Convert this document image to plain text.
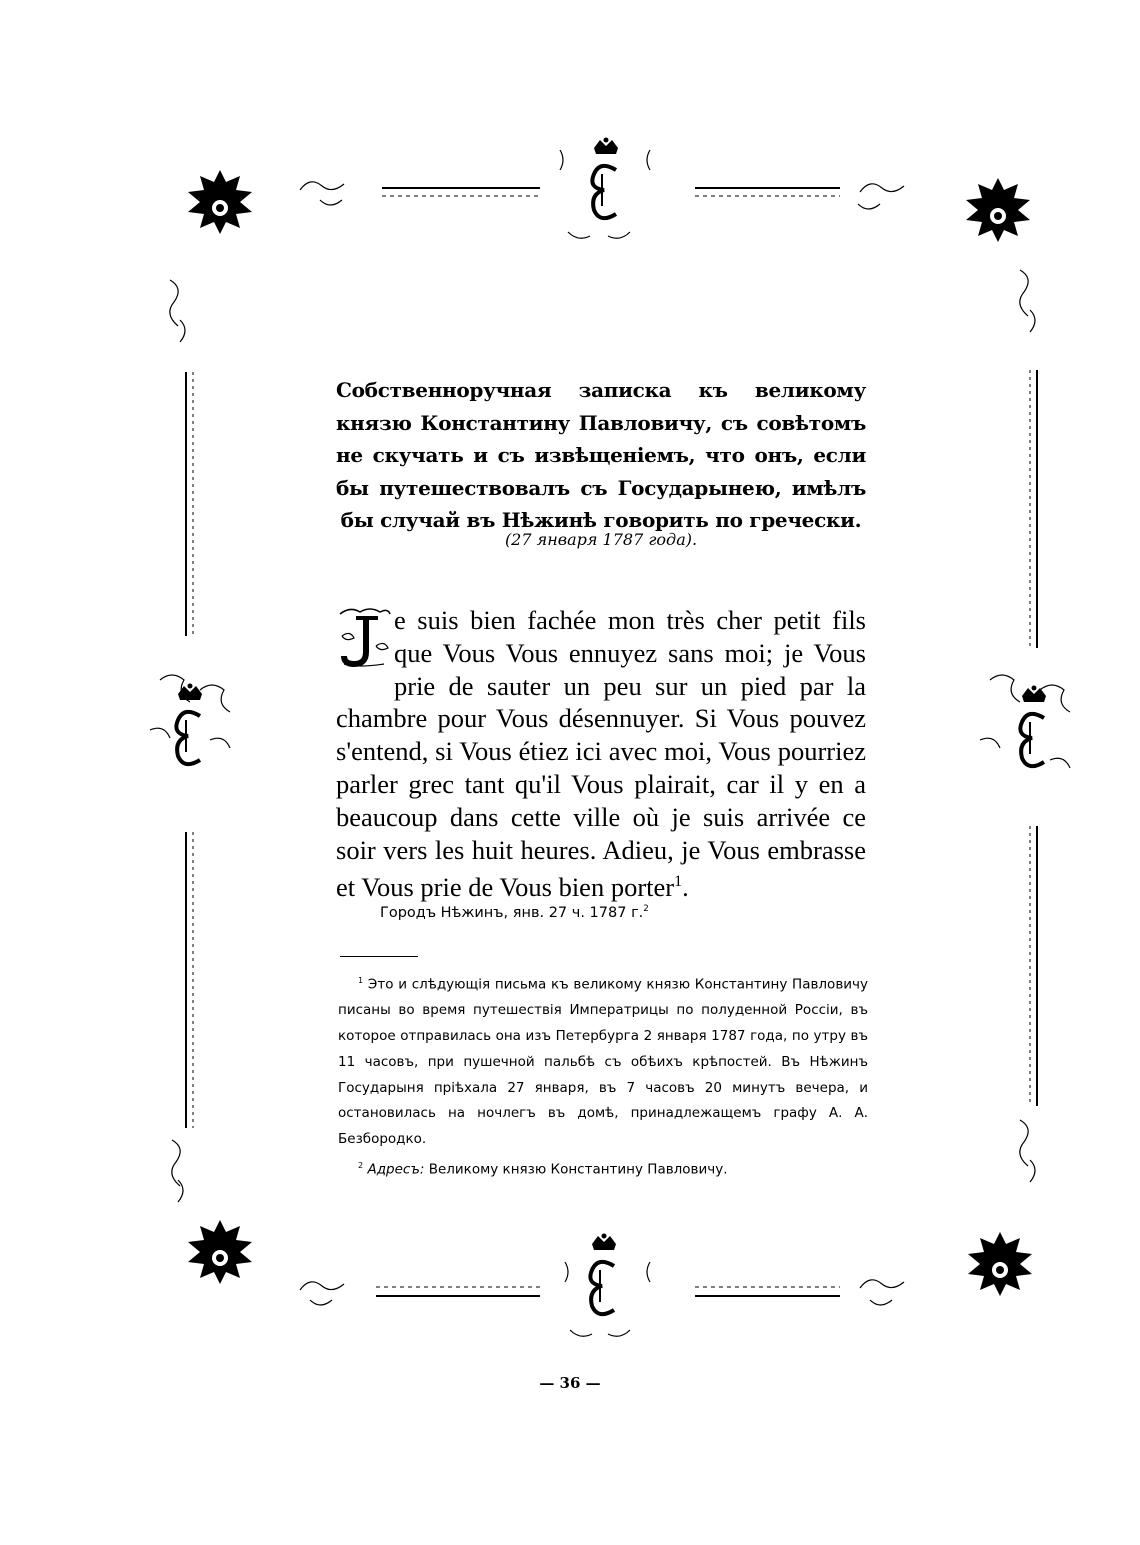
Собственноручная записка къ великому князю Константину Павловичу, съ совѣтомъ не скучать и съ извѣщеніемъ, что онъ, если бы путешествовалъ съ Государынею, имѣлъ бы случай въ Нѣжинѣ говорить по гречески.
(27 января 1787 года).
e suis bien fachée mon très cher petit fils que Vous Vous ennuyez sans moi; je Vous prie de sauter un peu sur un pied par la chambre pour Vous désennuyer. Si Vous pouvez s'entend, si Vous étiez ici avec moi, Vous pourriez parler grec tant qu'il Vous plairait, car il y en a beaucoup dans cette ville où je suis arrivée ce soir vers les huit heures. Adieu, je Vous embrasse et Vous prie de Vous bien porter$^1$.
Городъ Нѣжинъ, янв. 27 ч. 1787 г.$^2$

$^1$ Это и слѣдующія письма къ великому князю Константину Павловичу писаны во время путешествія Императрицы по полуденной Россіи, въ которое отправилась она изъ Петербурга 2 января 1787 года, по утру въ 11 часовъ, при пушечной пальбѣ съ обѣихъ крѣпостей. Въ Нѣжинъ Государыня пріѣхала 27 января, въ 7 часовъ 20 минутъ вечера, и остановилась на ночлегъ въ домѣ, принадлежащемъ графу А. А. Безбородко.

$^2$ Адресъ: Великому князю Константину Павловичу.

— 36 —
